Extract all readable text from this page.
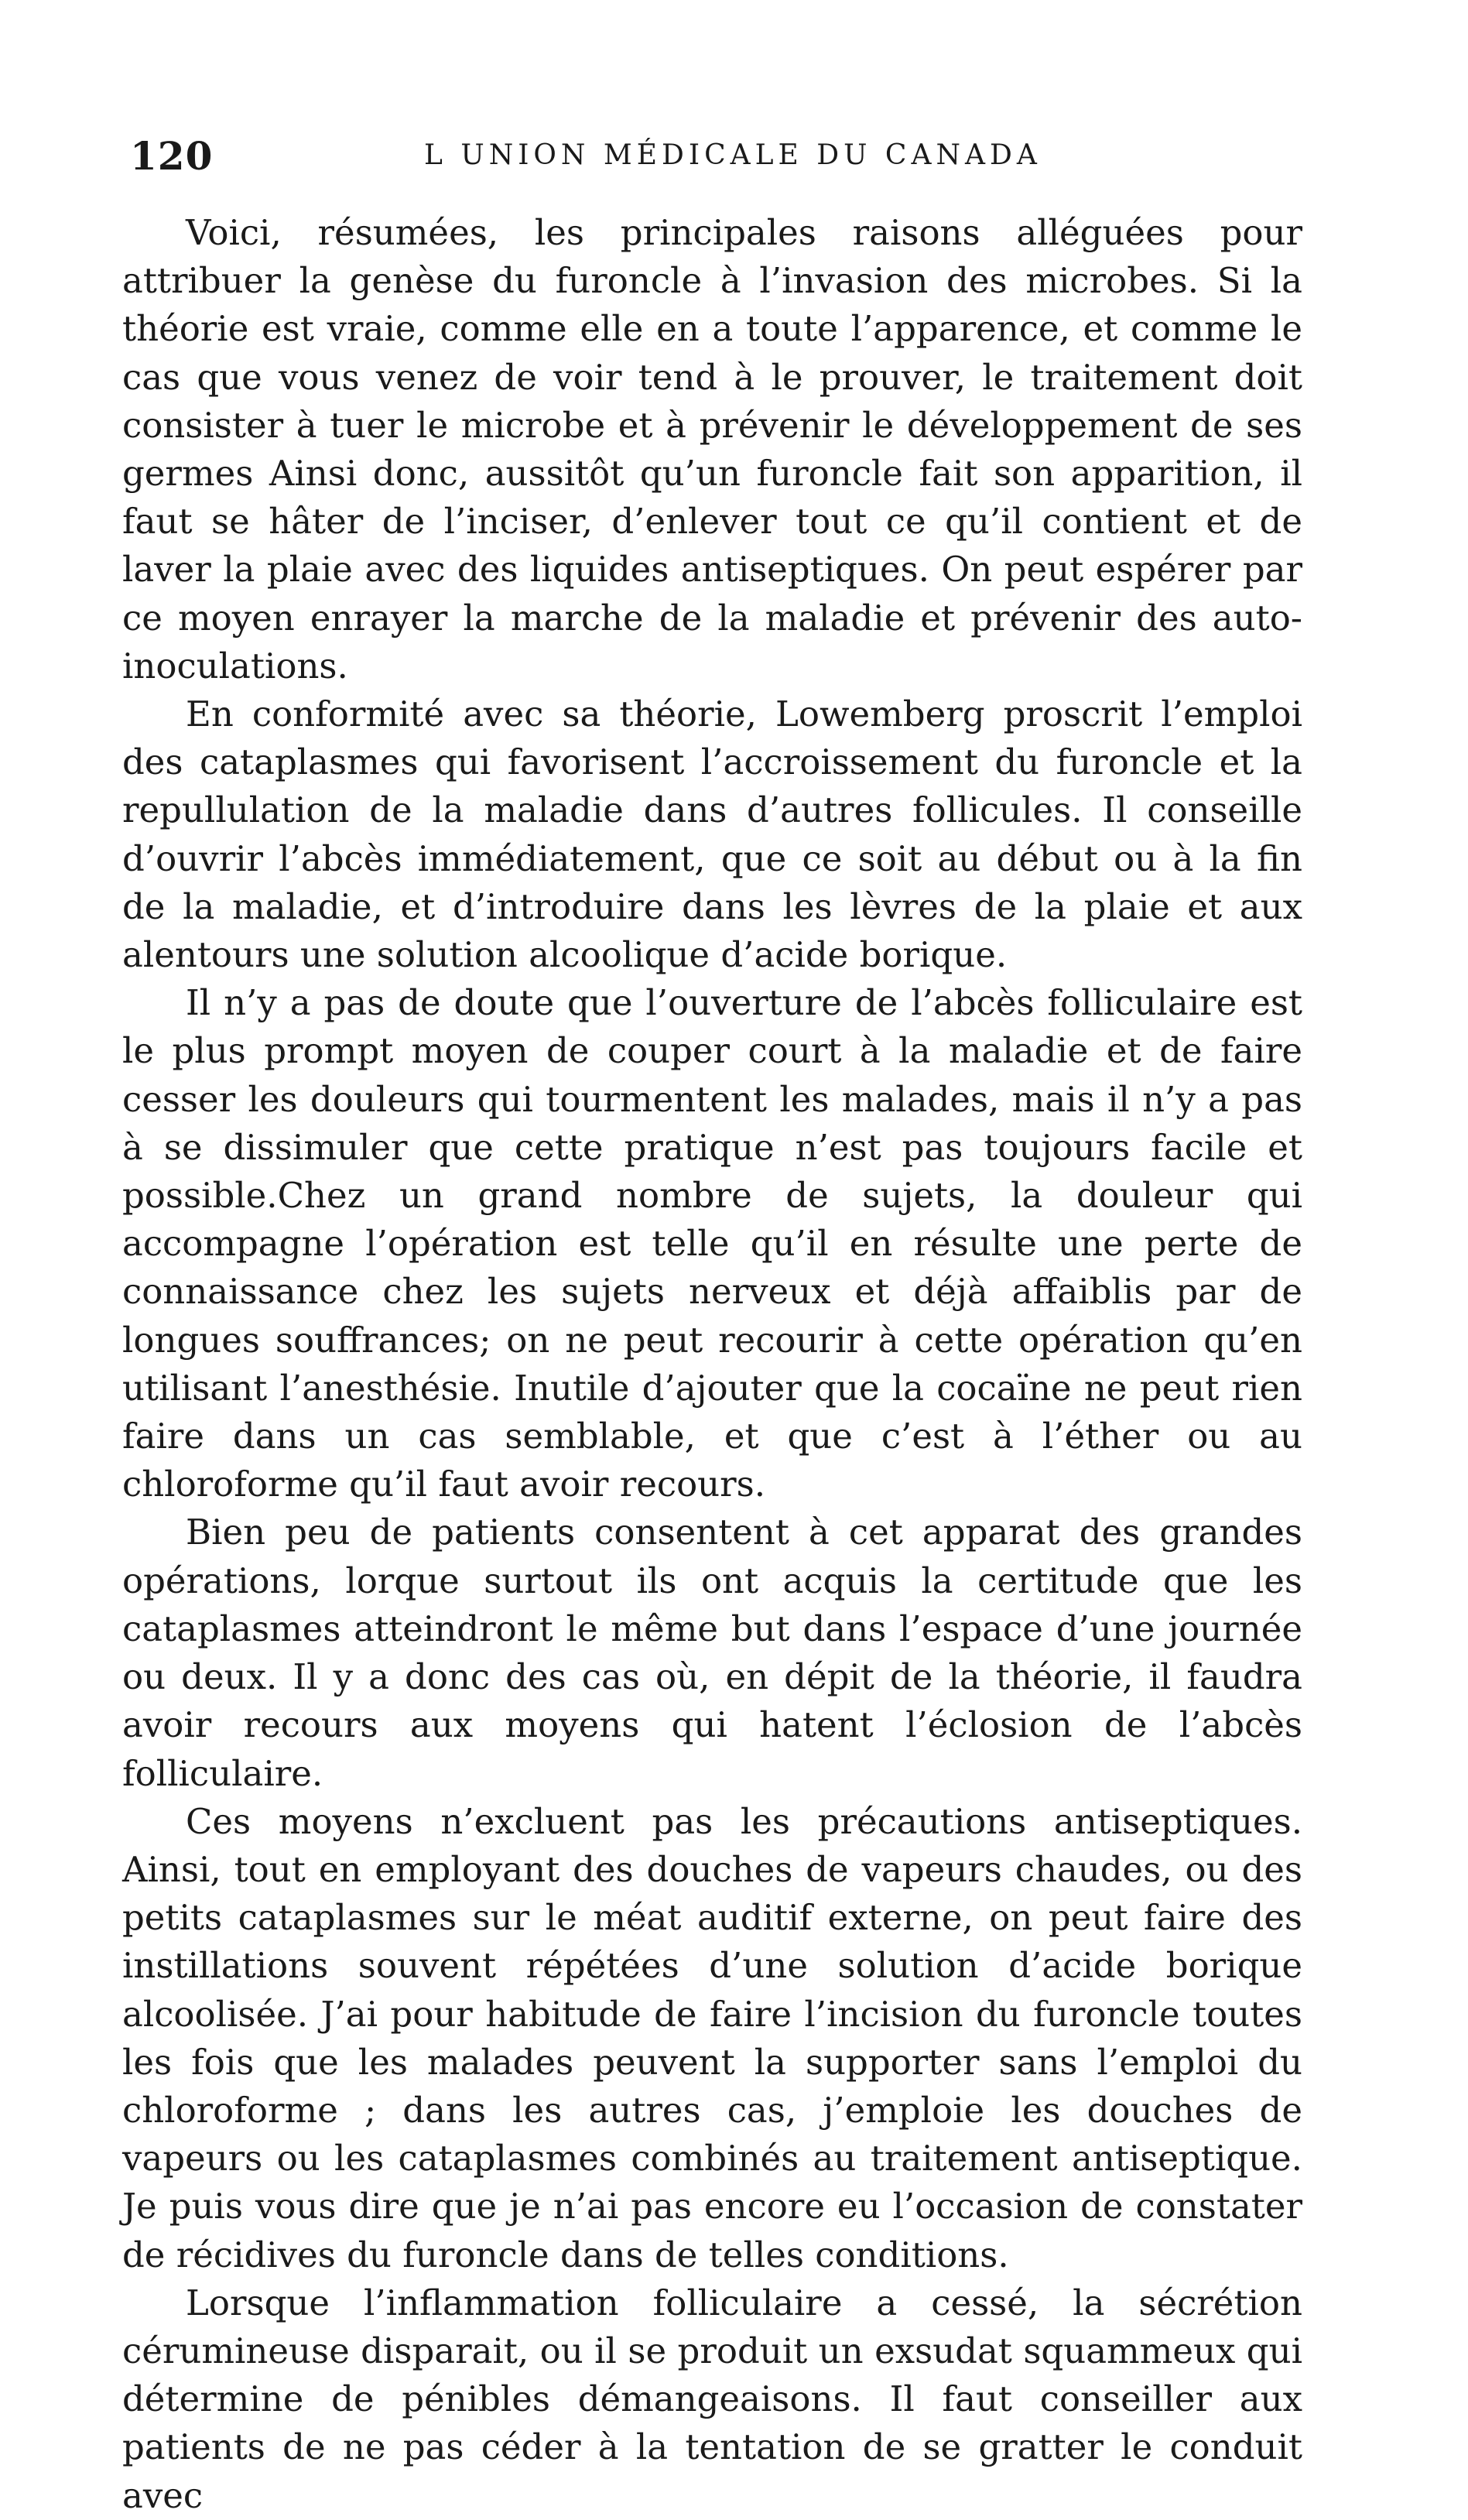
120	L UNION MÉDICALE DU CANADA

Voici, résumées, les principales raisons alléguées pour attribuer la genèse du furoncle à l’invasion des microbes. Si la théorie est vraie, comme elle en a toute l’apparence, et comme le cas que vous venez de voir tend à le prouver, le traitement doit consister à tuer le microbe et à prévenir le développement de ses germes Ainsi donc, aussitôt qu’un furoncle fait son apparition, il faut se hâter de l’inciser, d’enlever tout ce qu’il contient et de laver la plaie avec des liquides antiseptiques. On peut espérer par ce moyen enrayer la marche de la maladie et prévenir des auto-inoculations.

En conformité avec sa théorie, Lowemberg proscrit l’emploi des cataplasmes qui favorisent l’accroissement du furoncle et la repullulation de la maladie dans d’autres follicules. Il conseille d’ouvrir l’abcès immédiatement, que ce soit au début ou à la fin de la maladie, et d’introduire dans les lèvres de la plaie et aux alentours une solution alcoolique d’acide borique.

Il n’y a pas de doute que l’ouverture de l’abcès folliculaire est le plus prompt moyen de couper court à la maladie et de faire cesser les douleurs qui tourmentent les malades, mais il n’y a pas à se dissimuler que cette pratique n’est pas toujours facile et possible.Chez un grand nombre de sujets, la douleur qui accompagne l’opération est telle qu’il en résulte une perte de connaissance chez les sujets nerveux et déjà affaiblis par de longues souffrances; on ne peut recourir à cette opération qu’en utilisant l’anesthésie. Inutile d’ajouter que la cocaïne ne peut rien faire dans un cas semblable, et que c’est à l’éther ou au chloroforme qu’il faut avoir recours.

Bien peu de patients consentent à cet apparat des grandes opérations, lorque surtout ils ont acquis la certitude que les cataplasmes atteindront le même but dans l’espace d’une journée ou deux. Il y a donc des cas où, en dépit de la théorie, il faudra avoir recours aux moyens qui hatent l’éclosion de l’abcès folliculaire.

Ces moyens n’excluent pas les précautions antiseptiques. Ainsi, tout en employant des douches de vapeurs chaudes, ou des petits cataplasmes sur le méat auditif externe, on peut faire des instillations souvent répétées d’une solution d’acide borique alcoolisée. J’ai pour habitude de faire l’incision du furoncle toutes les fois que les malades peuvent la supporter sans l’emploi du chloroforme ; dans les autres cas, j’emploie les douches de vapeurs ou les cataplasmes combinés au traitement antiseptique. Je puis vous dire que je n’ai pas encore eu l’occasion de constater de récidives du furoncle dans de telles conditions.

Lorsque l’inflammation folliculaire a cessé, la sécrétion cérumineuse disparait, ou il se produit un exsudat squammeux qui détermine de pénibles démangeaisons. Il faut conseiller aux patients de ne pas céder à la tentation de se gratter le conduit avec
